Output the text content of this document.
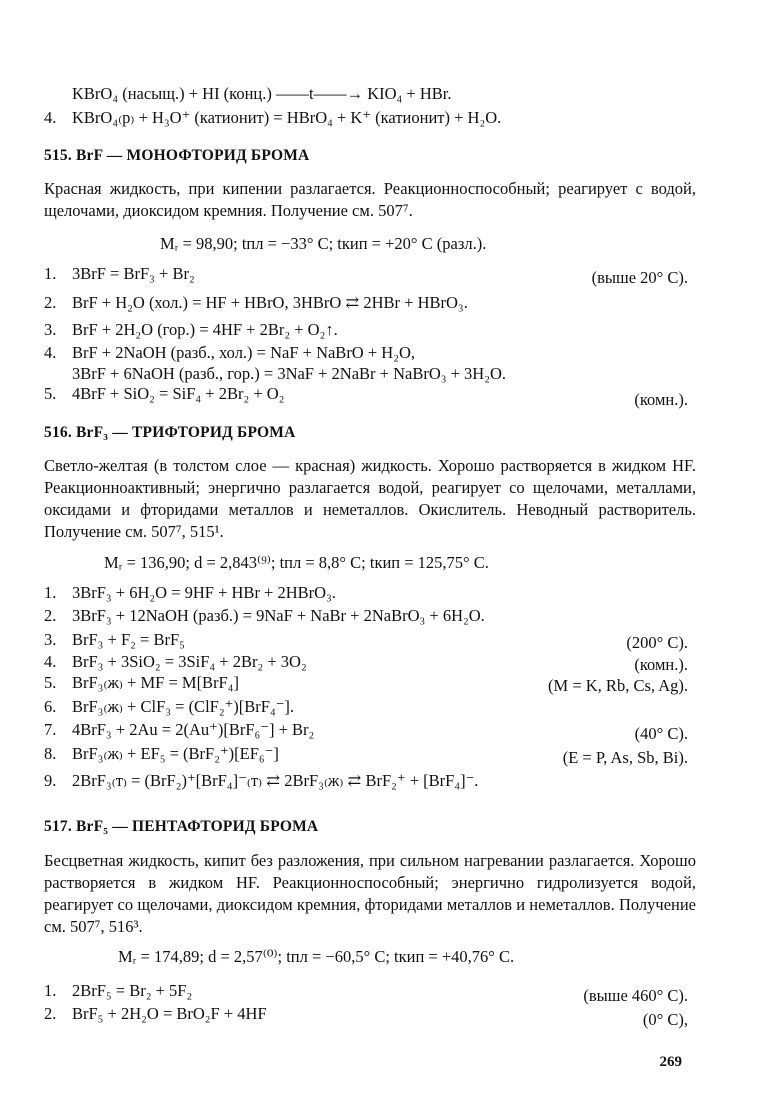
KBrO₄ (насыщ.) + HI (конц.) ——t——→ KIO₄ + HBr.
4. KBrO₄₍р₎ + H₃O⁺ (катионит) = HBrO₄ + K⁺ (катионит) + H₂O.
515. BrF — МОНОФТОРИД БРОМА
Красная жидкость, при кипении разлагается. Реакционноспособный; реагирует с водой, щелочами, диоксидом кремния. Получение см. 507⁷.
Mᵣ = 98,90; tпл = −33° C; tкип = +20° C (разл.).
1. 3BrF = BrF₃ + Br₂	(выше 20° C).
2. BrF + H₂O (хол.) = HF + HBrO, 3HBrO ⇄ 2HBr + HBrO₃.
3. BrF + 2H₂O (гор.) = 4HF + 2Br₂ + O₂↑.
4. BrF + 2NaOH (разб., хол.) = NaF + NaBrO + H₂O,
3BrF + 6NaOH (разб., гор.) = 3NaF + 2NaBr + NaBrO₃ + 3H₂O.
5. 4BrF + SiO₂ = SiF₄ + 2Br₂ + O₂	(комн.).
516. BrF₃ — ТРИФТОРИД БРОМА
Светло-желтая (в толстом слое — красная) жидкость. Хорошо растворяется в жидком HF. Реакционноактивный; энергично разлагается водой, реагирует со щелочами, металлами, оксидами и фторидами металлов и неметаллов. Окислитель. Неводный растворитель. Получение см. 507⁷, 515¹.
Mᵣ = 136,90; d = 2,843⁽⁹⁾; tпл = 8,8° C; tкип = 125,75° C.
1. 3BrF₃ + 6H₂O = 9HF + HBr + 2HBrO₃.
2. 3BrF₃ + 12NaOH (разб.) = 9NaF + NaBr + 2NaBrO₃ + 6H₂O.
3. BrF₃ + F₂ = BrF₅	(200° C).
4. BrF₃ + 3SiO₂ = 3SiF₄ + 2Br₂ + 3O₂	(комн.).
5. BrF₃₍ж₎ + MF = M[BrF₄]	(M = K, Rb, Cs, Ag).
6. BrF₃₍ж₎ + ClF₃ = (ClF₂⁺)[BrF₄⁻].
7. 4BrF₃ + 2Au = 2(Au⁺)[BrF₆⁻] + Br₂	(40° C).
8. BrF₃₍ж₎ + EF₅ = (BrF₂⁺)[EF₆⁻]	(E = P, As, Sb, Bi).
9. 2BrF₃₍т₎ = (BrF₂)⁺[BrF₄]⁻₍т₎ ⇄ 2BrF₃₍ж₎ ⇄ BrF₂⁺ + [BrF₄]⁻.
517. BrF₅ — ПЕНТАФТОРИД БРОМА
Бесцветная жидкость, кипит без разложения, при сильном нагревании разлагается. Хорошо растворяется в жидком HF. Реакционноспособный; энергично гидролизуется водой, реагирует со щелочами, диоксидом кремния, фторидами металлов и неметаллов. Получение см. 507⁷, 516³.
Mᵣ = 174,89; d = 2,57⁽⁰⁾; tпл = −60,5° C; tкип = +40,76° C.
1. 2BrF₅ = Br₂ + 5F₂	(выше 460° C).
2. BrF₅ + 2H₂O = BrO₂F + 4HF	(0° C),
269
